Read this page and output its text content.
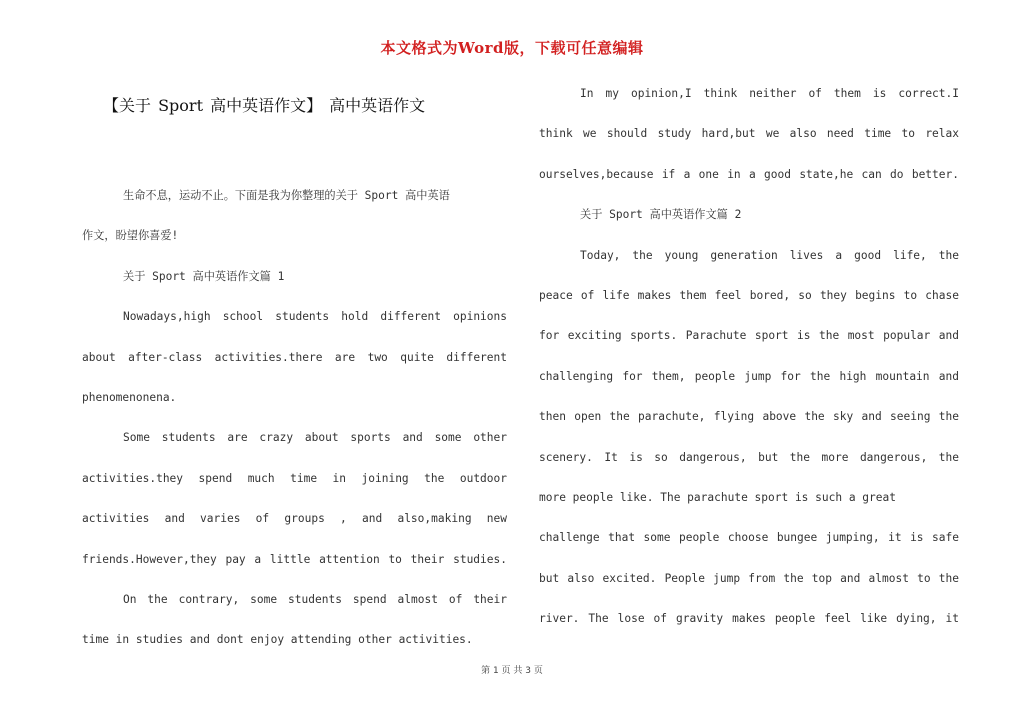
本文格式为Word版，下载可任意编辑
【关于 Sport 高中英语作文】 高中英语作文
生命不息，运动不止。下面是我为你整理的关于 Sport 高中英语
作文，盼望你喜爱!
关于 Sport 高中英语作文篇 1
Nowadays,high school students hold different opinions
about after-class activities.there are two quite different
phenomenonena.
Some students are crazy about sports and some other
activities.they spend much time in joining the outdoor
activities and varies of groups , and also,making new
friends.However,they pay a little attention to their studies.
On the contrary, some students spend almost of their
time in studies and dont enjoy attending other activities.
In my opinion,I think neither of them is correct.I
think we should study hard,but we also need time to relax
ourselves,because if a one in a good state,he can do better.
关于 Sport 高中英语作文篇 2
Today, the young generation lives a good life, the
peace of life makes them feel bored, so they begins to chase
for exciting sports. Parachute sport is the most popular and
challenging for them, people jump for the high mountain and
then open the parachute, flying above the sky and seeing the
scenery. It is so dangerous, but the more dangerous, the
more people like. The parachute sport is such a great
challenge that some people choose bungee jumping, it is safe
but also excited. People jump from the top and almost to the
river. The lose of gravity makes people feel like dying, it
第 1 页 共 3 页
